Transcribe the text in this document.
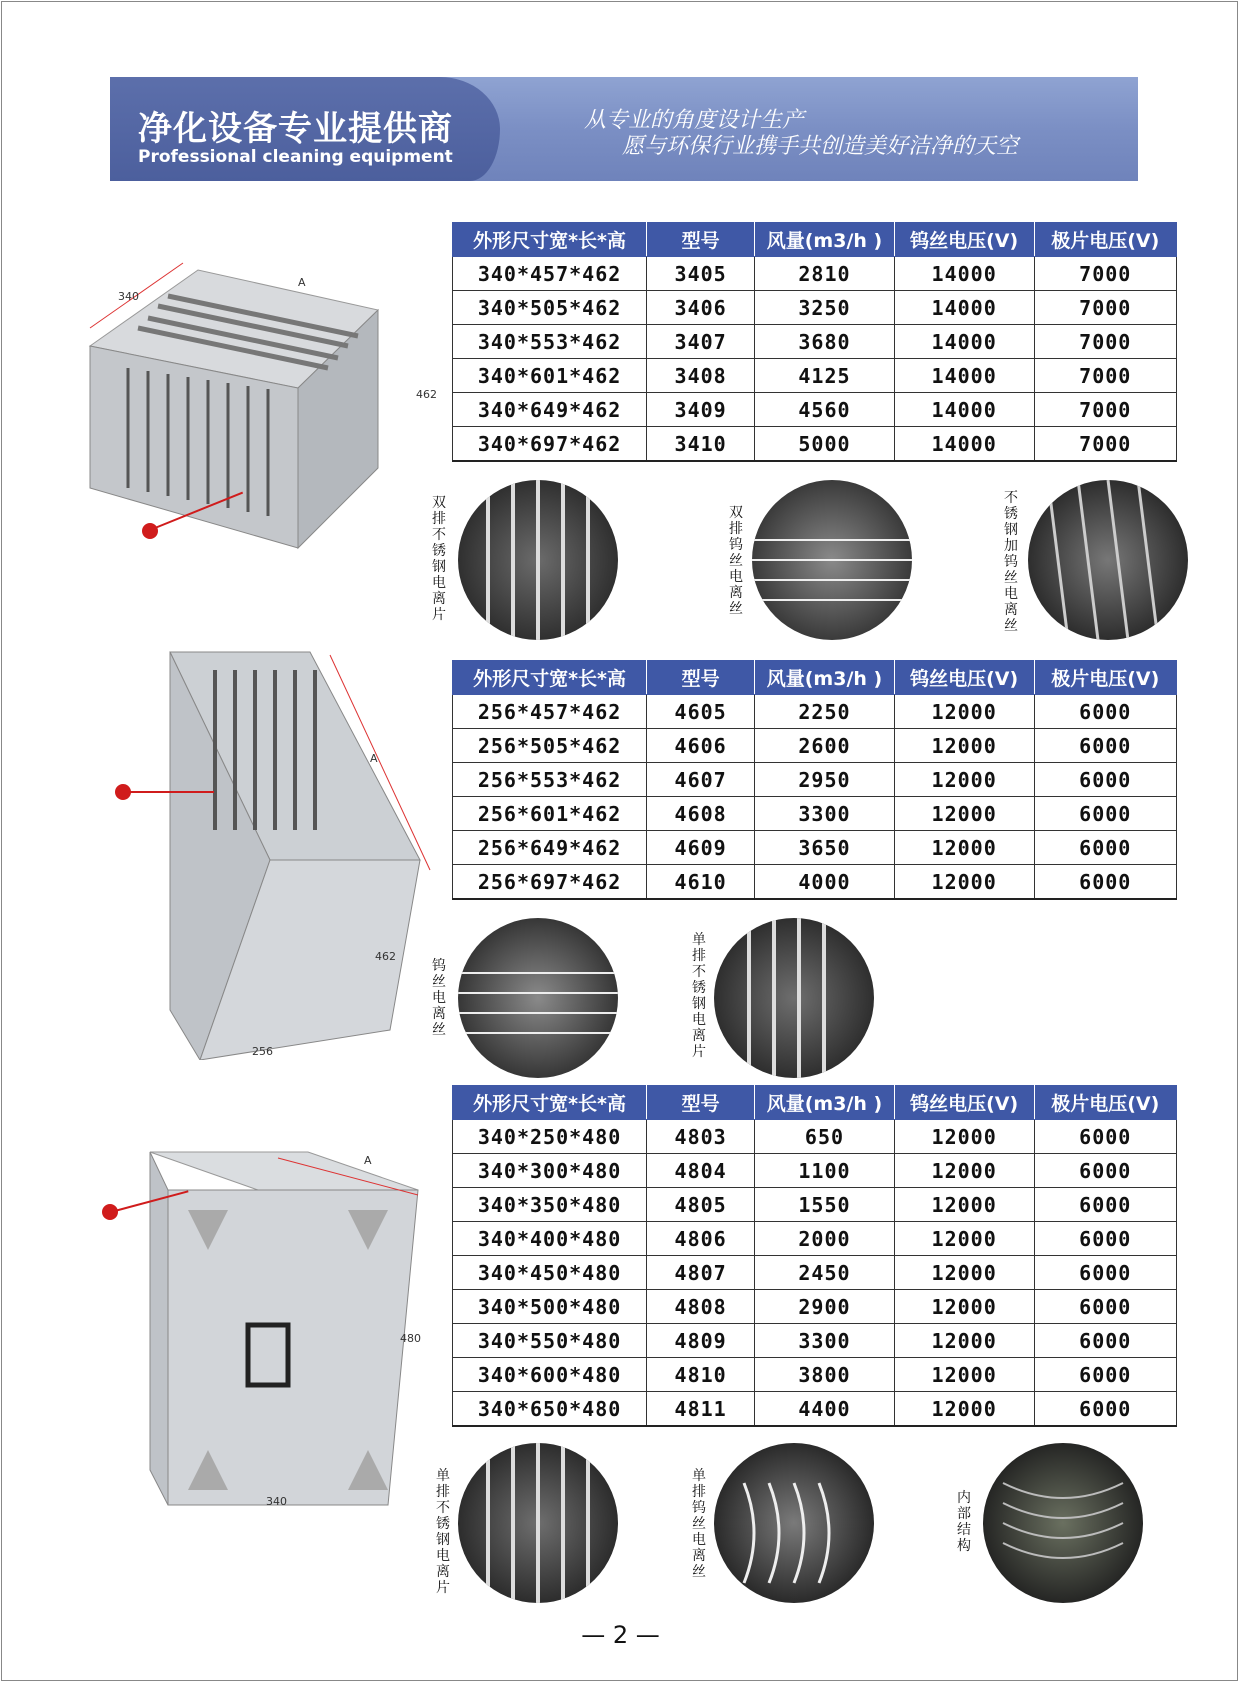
净化设备专业提供商
Professional cleaning equipment
从专业的角度设计生产
愿与环保行业携手共创造美好洁净的天空
340
A
462
外形尺寸宽*长*高	型号	风量(m3/h )	钨丝电压(V)	极片电压(V)
340*457*462	3405	2810	14000	7000
340*505*462	3406	3250	14000	7000
340*553*462	3407	3680	14000	7000
340*601*462	3408	4125	14000	7000
340*649*462	3409	4560	14000	7000
340*697*462	3410	5000	14000	7000
双排不锈钢电离片
双排钨丝电离丝
不锈钢加钨丝电离丝
A
462
256
外形尺寸宽*长*高	型号	风量(m3/h )	钨丝电压(V)	极片电压(V)
256*457*462	4605	2250	12000	6000
256*505*462	4606	2600	12000	6000
256*553*462	4607	2950	12000	6000
256*601*462	4608	3300	12000	6000
256*649*462	4609	3650	12000	6000
256*697*462	4610	4000	12000	6000
钨丝电离丝
单排不锈钢电离片
A
480
340
外形尺寸宽*长*高	型号	风量(m3/h )	钨丝电压(V)	极片电压(V)
340*250*480	4803	650	12000	6000
340*300*480	4804	1100	12000	6000
340*350*480	4805	1550	12000	6000
340*400*480	4806	2000	12000	6000
340*450*480	4807	2450	12000	6000
340*500*480	4808	2900	12000	6000
340*550*480	4809	3300	12000	6000
340*600*480	4810	3800	12000	6000
340*650*480	4811	4400	12000	6000
单排不锈钢电离片
单排钨丝电离丝
内部结构
— 2 —
